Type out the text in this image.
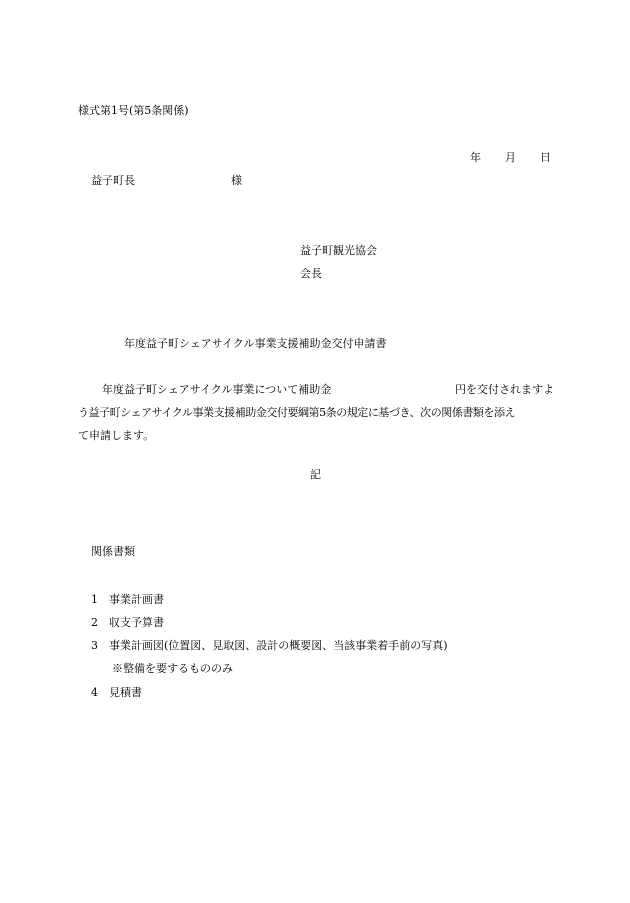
様式第1号(第5条関係)
年 月 日
益子町長	様
益子町観光協会
会長
年度益子町シェアサイクル事業支援補助金交付申請書
年度益子町シェアサイクル事業について補助金	円を交付されますよ
う益子町シェアサイクル事業支援補助金交付要綱第5条の規定に基づき、次の関係書類を添え
て申請します。
記
関係書類
1 事業計画書
2 収支予算書
3 事業計画図(位置図、見取図、設計の概要図、当該事業着手前の写真)
※整備を要するもののみ
4 見積書
